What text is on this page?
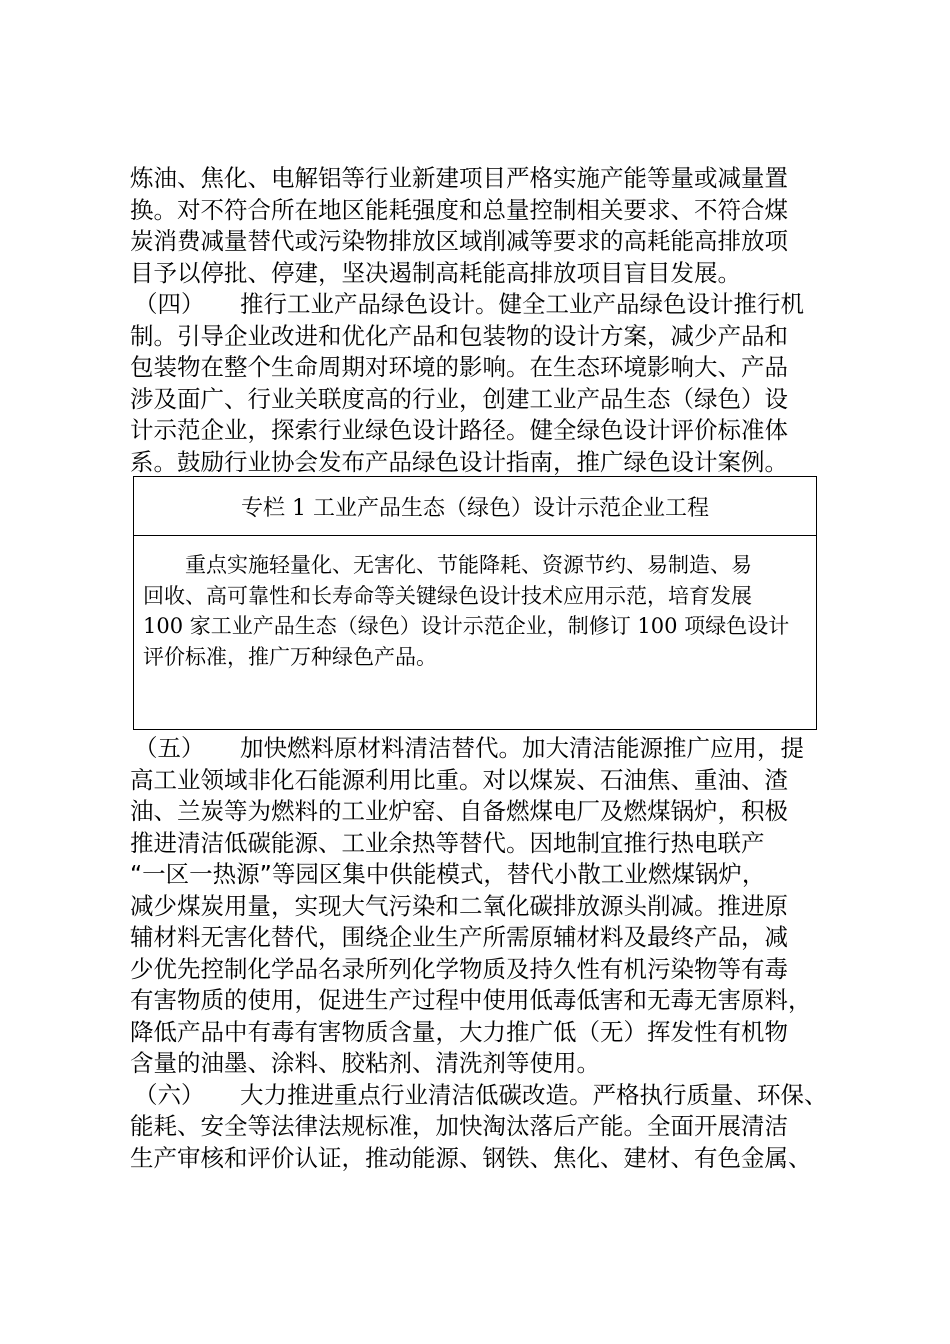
炼油、焦化、电解铝等行业新建项目严格实施产能等量或减量置
换。对不符合所在地区能耗强度和总量控制相关要求、不符合煤
炭消费减量替代或污染物排放区域削减等要求的高耗能高排放项
目予以停批、停建，坚决遏制高耗能高排放项目盲目发展。
（四） 推行工业产品绿色设计。健全工业产品绿色设计推行机
制。引导企业改进和优化产品和包装物的设计方案，减少产品和
包装物在整个生命周期对环境的影响。在生态环境影响大、产品
涉及面广、行业关联度高的行业，创建工业产品生态（绿色）设
计示范企业，探索行业绿色设计路径。健全绿色设计评价标准体
系。鼓励行业协会发布产品绿色设计指南，推广绿色设计案例。
专栏 1 工业产品生态（绿色）设计示范企业工程
重点实施轻量化、无害化、节能降耗、资源节约、易制造、易
回收、高可靠性和长寿命等关键绿色设计技术应用示范，培育发展
100 家工业产品生态（绿色）设计示范企业，制修订 100 项绿色设计
评价标准，推广万种绿色产品。
（五） 加快燃料原材料清洁替代。加大清洁能源推广应用，提
高工业领域非化石能源利用比重。对以煤炭、石油焦、重油、渣
油、兰炭等为燃料的工业炉窑、自备燃煤电厂及燃煤锅炉，积极
推进清洁低碳能源、工业余热等替代。因地制宜推行热电联产
“一区一热源”等园区集中供能模式，替代小散工业燃煤锅炉，
减少煤炭用量，实现大气污染和二氧化碳排放源头削减。推进原
辅材料无害化替代，围绕企业生产所需原辅材料及最终产品，减
少优先控制化学品名录所列化学物质及持久性有机污染物等有毒
有害物质的使用，促进生产过程中使用低毒低害和无毒无害原料，
降低产品中有毒有害物质含量，大力推广低（无）挥发性有机物
含量的油墨、涂料、胶粘剂、清洗剂等使用。
（六） 大力推进重点行业清洁低碳改造。严格执行质量、环保、
能耗、安全等法律法规标准，加快淘汰落后产能。全面开展清洁
生产审核和评价认证，推动能源、钢铁、焦化、建材、有色金属、
